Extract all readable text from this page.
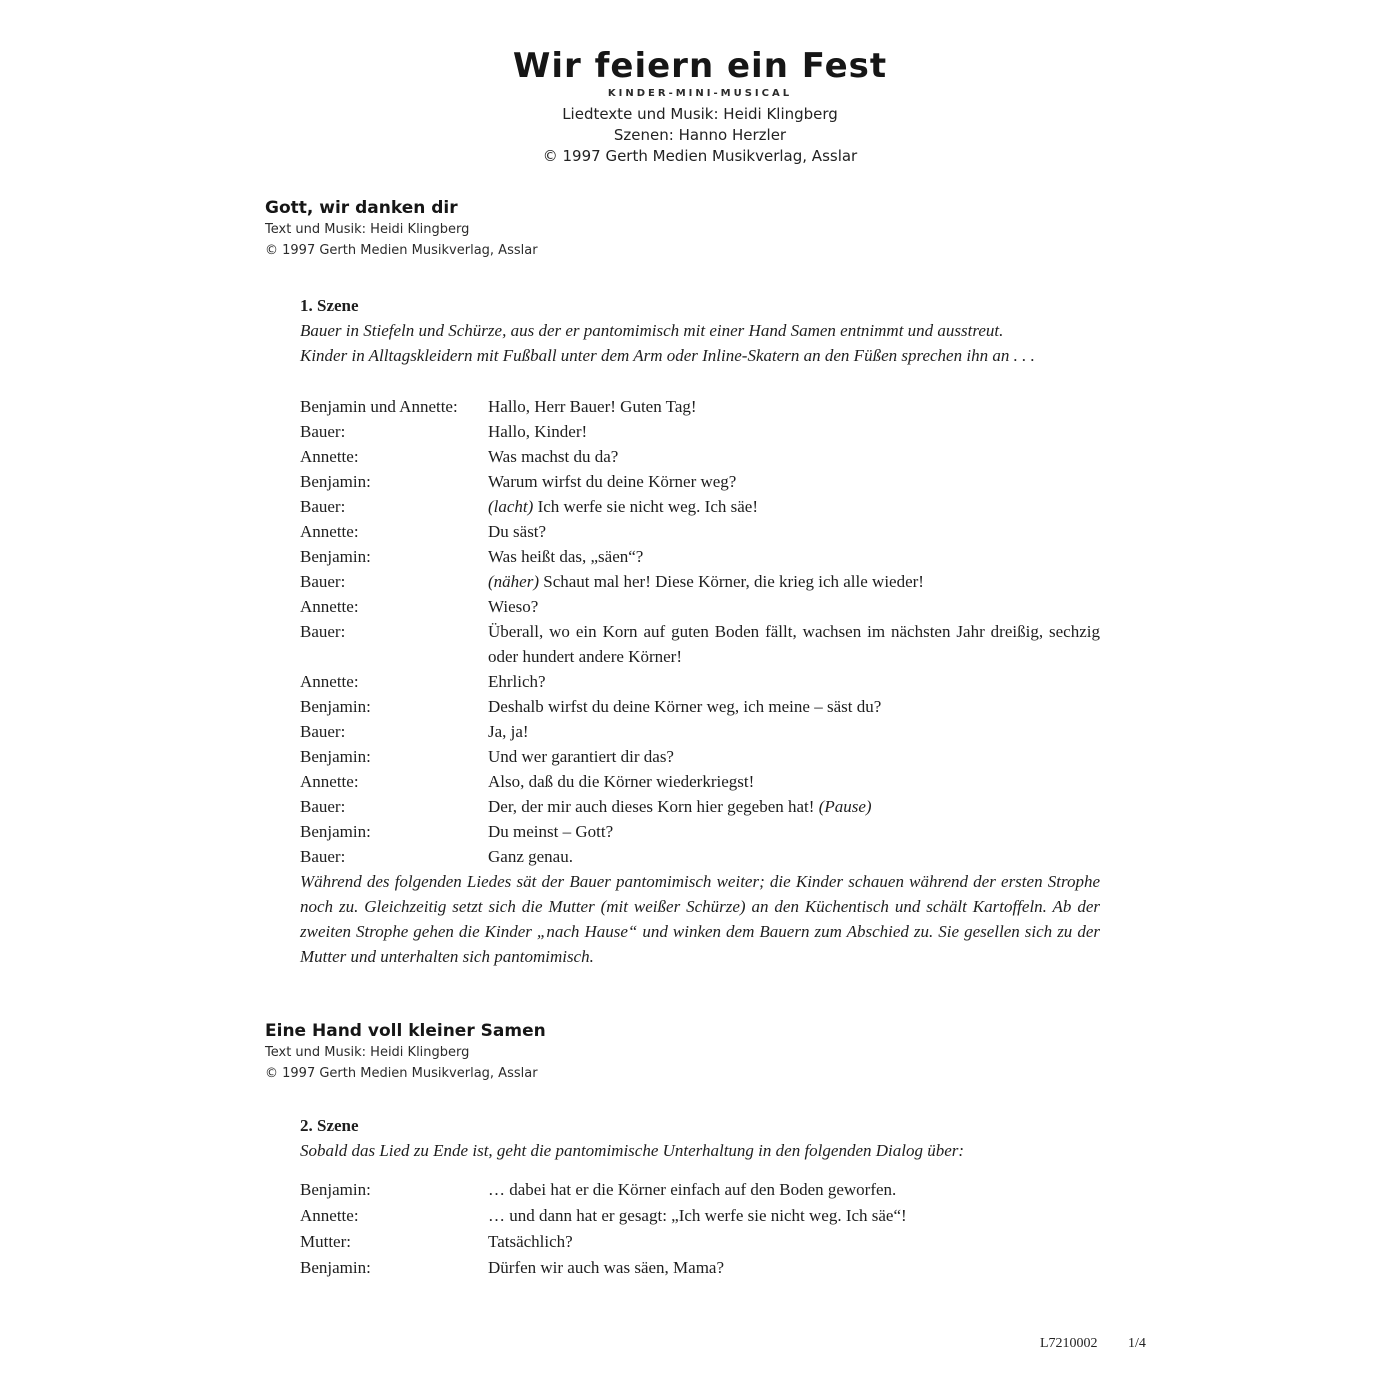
Wir feiern ein Fest
KINDER-MINI-MUSICAL
Liedtexte und Musik: Heidi Klingberg
Szenen: Hanno Herzler
© 1997 Gerth Medien Musikverlag, Asslar
Gott, wir danken dir
Text und Musik: Heidi Klingberg
© 1997 Gerth Medien Musikverlag, Asslar

1. Szene

Bauer in Stiefeln und Schürze, aus der er pantomimisch mit einer Hand Samen entnimmt und ausstreut.

Kinder in Alltagskleidern mit Fußball unter dem Arm oder Inline-Skatern an den Füßen sprechen ihn an . . .

Benjamin und Annette:	Hallo, Herr Bauer! Guten Tag!
Bauer:	Hallo, Kinder!
Annette:	Was machst du da?
Benjamin:	Warum wirfst du deine Körner weg?
Bauer:	(lacht) Ich werfe sie nicht weg. Ich säe!
Annette:	Du säst?
Benjamin:	Was heißt das, „säen“?
Bauer:	(näher) Schaut mal her! Diese Körner, die krieg ich alle wieder!
Annette:	Wieso?
Bauer:	Überall, wo ein Korn auf guten Boden fällt, wachsen im nächsten Jahr dreißig, sechzig oder hundert andere Körner!
Annette:	Ehrlich?
Benjamin:	Deshalb wirfst du deine Körner weg, ich meine – säst du?
Bauer:	Ja, ja!
Benjamin:	Und wer garantiert dir das?
Annette:	Also, daß du die Körner wiederkriegst!
Bauer:	Der, der mir auch dieses Korn hier gegeben hat! (Pause)
Benjamin:	Du meinst – Gott?
Bauer:	Ganz genau.

Während des folgenden Liedes sät der Bauer pantomimisch weiter; die Kinder schauen während der ersten Strophe noch zu. Gleichzeitig setzt sich die Mutter (mit weißer Schürze) an den Küchentisch und schält Kartoffeln. Ab der zweiten Strophe gehen die Kinder „nach Hause“ und winken dem Bauern zum Abschied zu. Sie gesellen sich zu der Mutter und unterhalten sich pantomimisch.

Eine Hand voll kleiner Samen
Text und Musik: Heidi Klingberg
© 1997 Gerth Medien Musikverlag, Asslar

2. Szene

Sobald das Lied zu Ende ist, geht die pantomimische Unterhaltung in den folgenden Dialog über:

Benjamin:	… dabei hat er die Körner einfach auf den Boden geworfen.
Annette:	… und dann hat er gesagt: „Ich werfe sie nicht weg. Ich säe“!
Mutter:	Tatsächlich?
Benjamin:	Dürfen wir auch was säen, Mama?
L7210002 1/4
